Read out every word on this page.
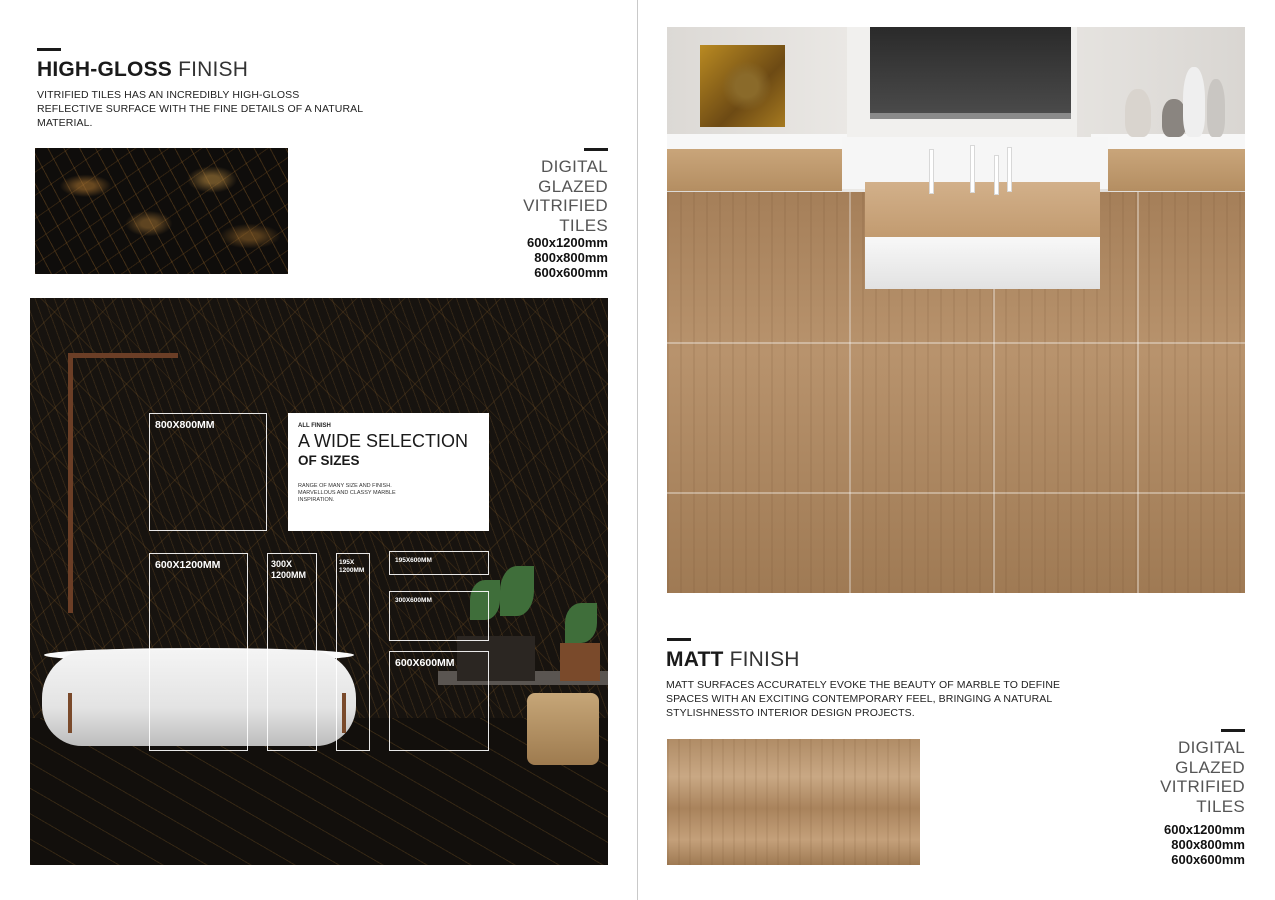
HIGH-GLOSS FINISH
VITRIFIED TILES HAS AN INCREDIBLY HIGH-GLOSS REFLECTIVE SURFACE WITH THE FINE DETAILS OF A NATURAL MATERIAL.
DIGITAL
GLAZED
VITRIFIED
TILES
600x1200mm
800x800mm
600x600mm
800X800MM
600X1200MM	300X
1200MM
195X
1200MM
195X600MM
300X600MM
600X600MM
ALL FINISH
A WIDE SELECTION
OF SIZES
RANGE OF MANY SIZE AND FINISH. MARVELLOUS AND CLASSY MARBLE INSPIRATION.
MATT FINISH
MATT SURFACES ACCURATELY EVOKE THE BEAUTY OF MARBLE TO DEFINE SPACES WITH AN EXCITING CONTEMPORARY FEEL, BRINGING A NATURAL STYLISHNESSTO INTERIOR DESIGN PROJECTS.
DIGITAL
GLAZED
VITRIFIED
TILES
600x1200mm
800x800mm
600x600mm
